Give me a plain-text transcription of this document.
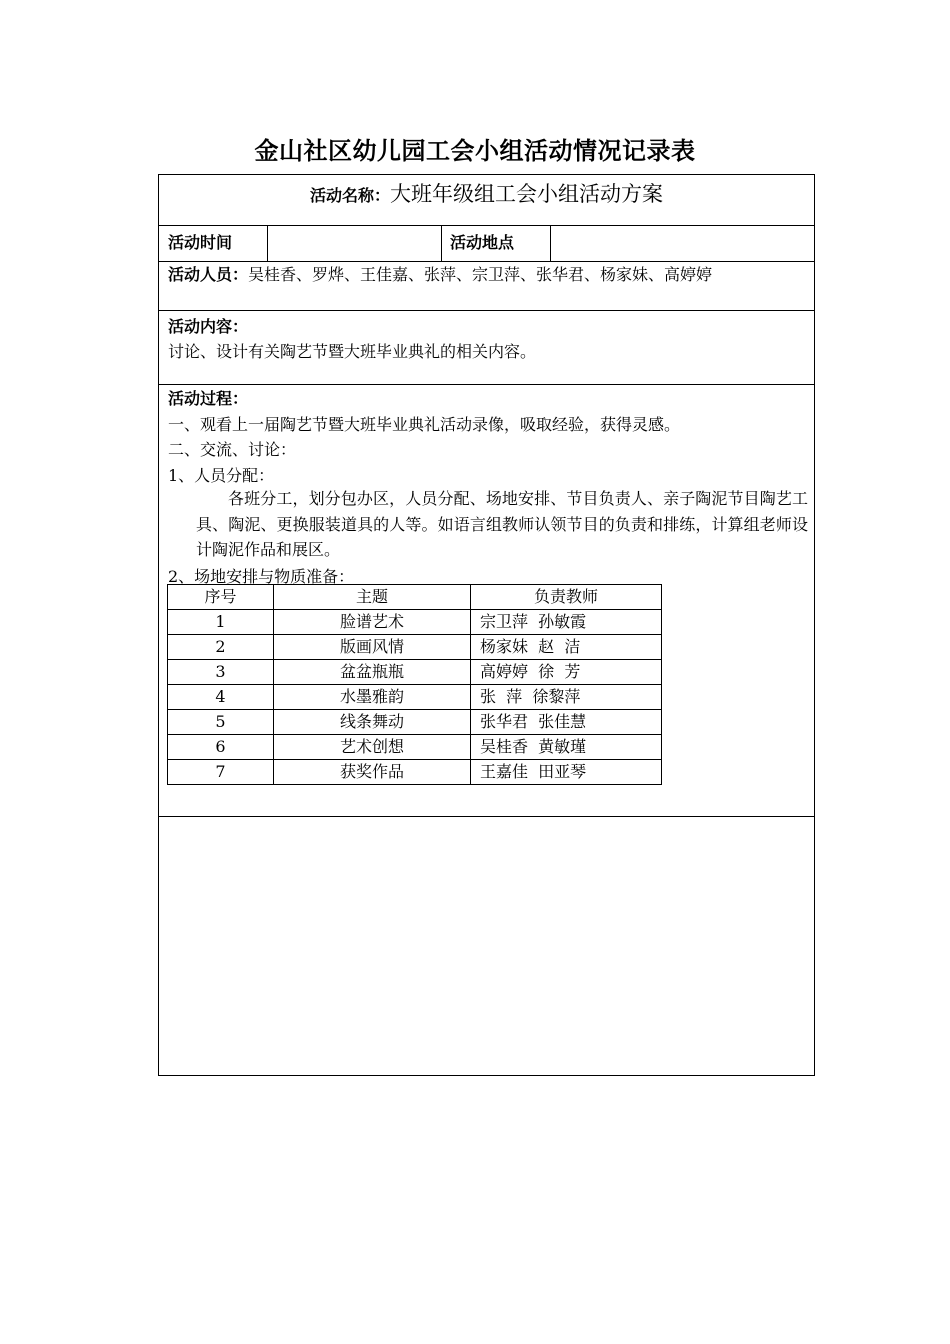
金山社区幼儿园工会小组活动情况记录表
活动名称：大班年级组工会小组活动方案
活动时间	活动地点
活动人员：吴桂香、罗烨、王佳嘉、张萍、宗卫萍、张华君、杨家妹、高婷婷
活动内容：
讨论、设计有关陶艺节暨大班毕业典礼的相关内容。
活动过程：
一、观看上一届陶艺节暨大班毕业典礼活动录像，吸取经验，获得灵感。
二、交流、讨论：
1、人员分配：
各班分工，划分包办区，人员分配、场地安排、节目负责人、亲子陶泥节目陶艺工具、陶泥、更换服装道具的人等。如语言组教师认领节目的负责和排练，计算组老师设计陶泥作品和展区。
2、场地安排与物质准备：
序号	主题	负责教师
1	脸谱艺术	宗卫萍  孙敏霞
2	版画风情	杨家妹  赵  洁
3	盆盆瓶瓶	高婷婷  徐  芳
4	水墨雅韵	张  萍  徐黎萍
5	线条舞动	张华君  张佳慧
6	艺术创想	吴桂香  黄敏瑾
7	获奖作品	王嘉佳  田亚琴
